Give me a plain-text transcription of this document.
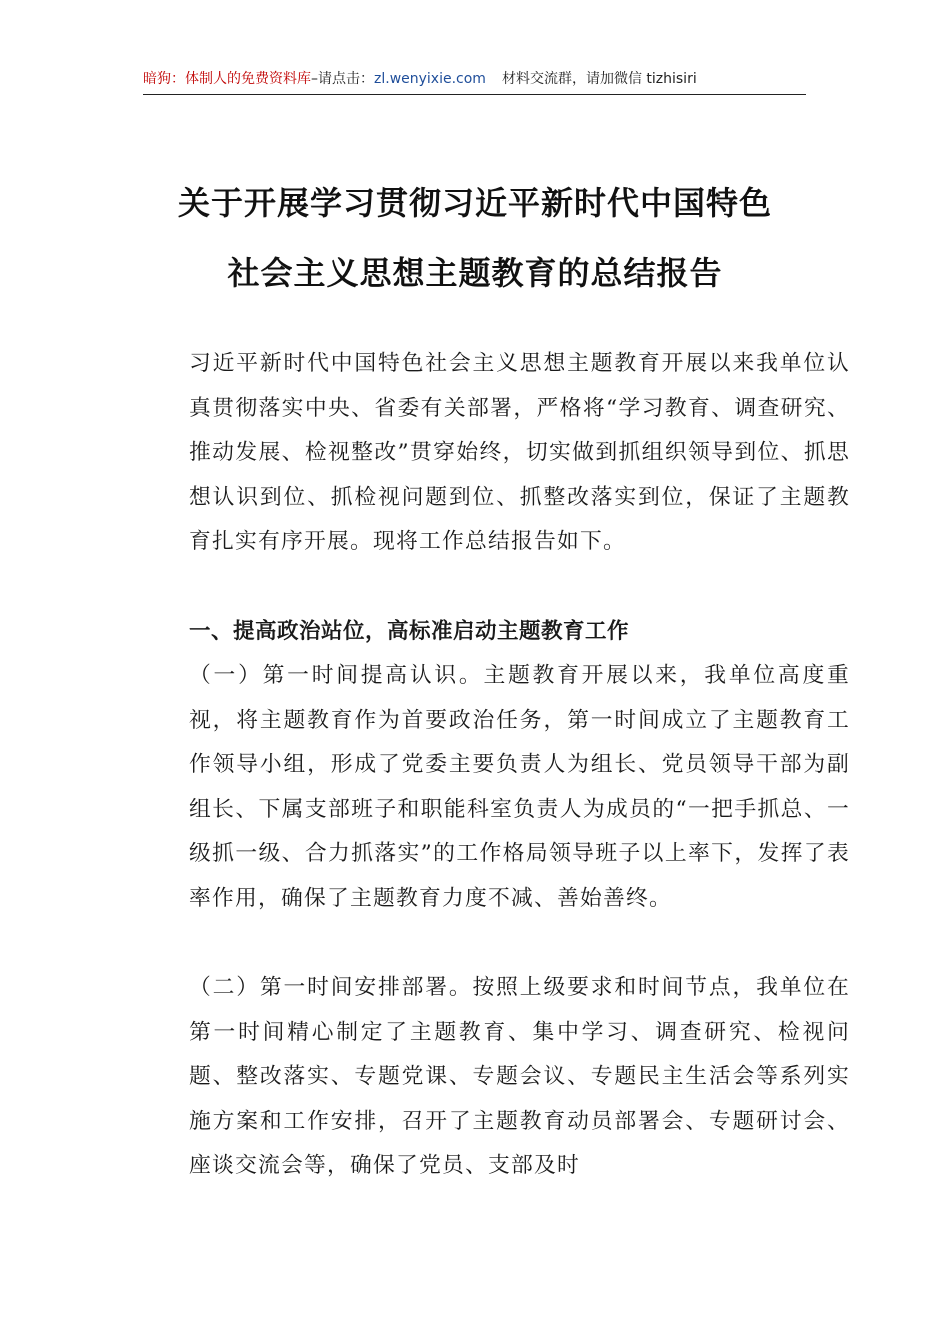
暗狗：体制人的免费资料库–请点击：zl.wenyixie.com 材料交流群，请加微信 tizhisiri
关于开展学习贯彻习近平新时代中国特色
社会主义思想主题教育的总结报告
习近平新时代中国特色社会主义思想主题教育开展以来我单位认真贯彻落实中央、省委有关部署，严格将“学习教育、调查研究、推动发展、检视整改”贯穿始终，切实做到抓组织领导到位、抓思想认识到位、抓检视问题到位、抓整改落实到位，保证了主题教育扎实有序开展。现将工作总结报告如下。
一、提高政治站位，高标准启动主题教育工作
（一）第一时间提高认识。主题教育开展以来，我单位高度重视，将主题教育作为首要政治任务，第一时间成立了主题教育工作领导小组，形成了党委主要负责人为组长、党员领导干部为副组长、下属支部班子和职能科室负责人为成员的“一把手抓总、一级抓一级、合力抓落实”的工作格局领导班子以上率下，发挥了表率作用，确保了主题教育力度不减、善始善终。
（二）第一时间安排部署。按照上级要求和时间节点，我单位在第一时间精心制定了主题教育、集中学习、调查研究、检视问题、整改落实、专题党课、专题会议、专题民主生活会等系列实施方案和工作安排，召开了主题教育动员部署会、专题研讨会、座谈交流会等，确保了党员、支部及时
